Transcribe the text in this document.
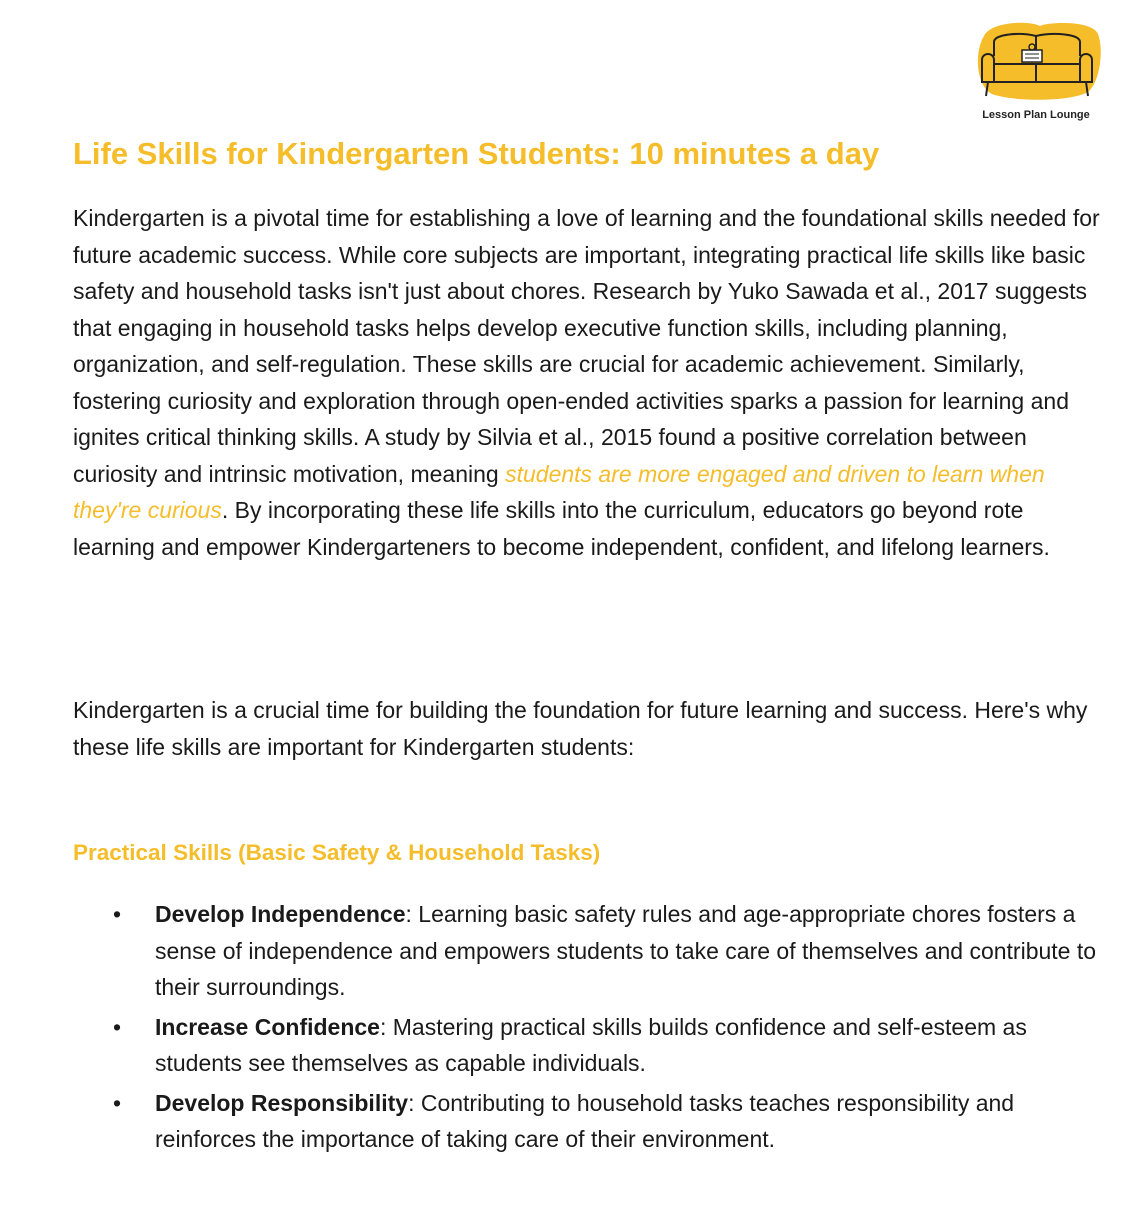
Lesson Plan Lounge
Life Skills for Kindergarten Students: 10 minutes a day

Kindergarten is a pivotal time for establishing a love of learning and the foundational skills needed for future academic success. While core subjects are important, integrating practical life skills like basic safety and household tasks isn't just about chores. Research by Yuko Sawada et al., 2017 suggests that engaging in household tasks helps develop executive function skills, including planning, organization, and self-regulation. These skills are crucial for academic achievement. Similarly, fostering curiosity and exploration through open-ended activities sparks a passion for learning and ignites critical thinking skills. A study by Silvia et al., 2015 found a positive correlation between curiosity and intrinsic motivation, meaning students are more engaged and driven to learn when they're curious. By incorporating these life skills into the curriculum, educators go beyond rote learning and empower Kindergarteners to become independent, confident, and lifelong learners.

Kindergarten is a crucial time for building the foundation for future learning and success. Here's why these life skills are important for Kindergarten students:

Practical Skills (Basic Safety & Household Tasks)
• Develop Independence: Learning basic safety rules and age-appropriate chores fosters a sense of independence and empowers students to take care of themselves and contribute to their surroundings.
• Increase Confidence: Mastering practical skills builds confidence and self-esteem as students see themselves as capable individuals.
• Develop Responsibility: Contributing to household tasks teaches responsibility and reinforces the importance of taking care of their environment.
